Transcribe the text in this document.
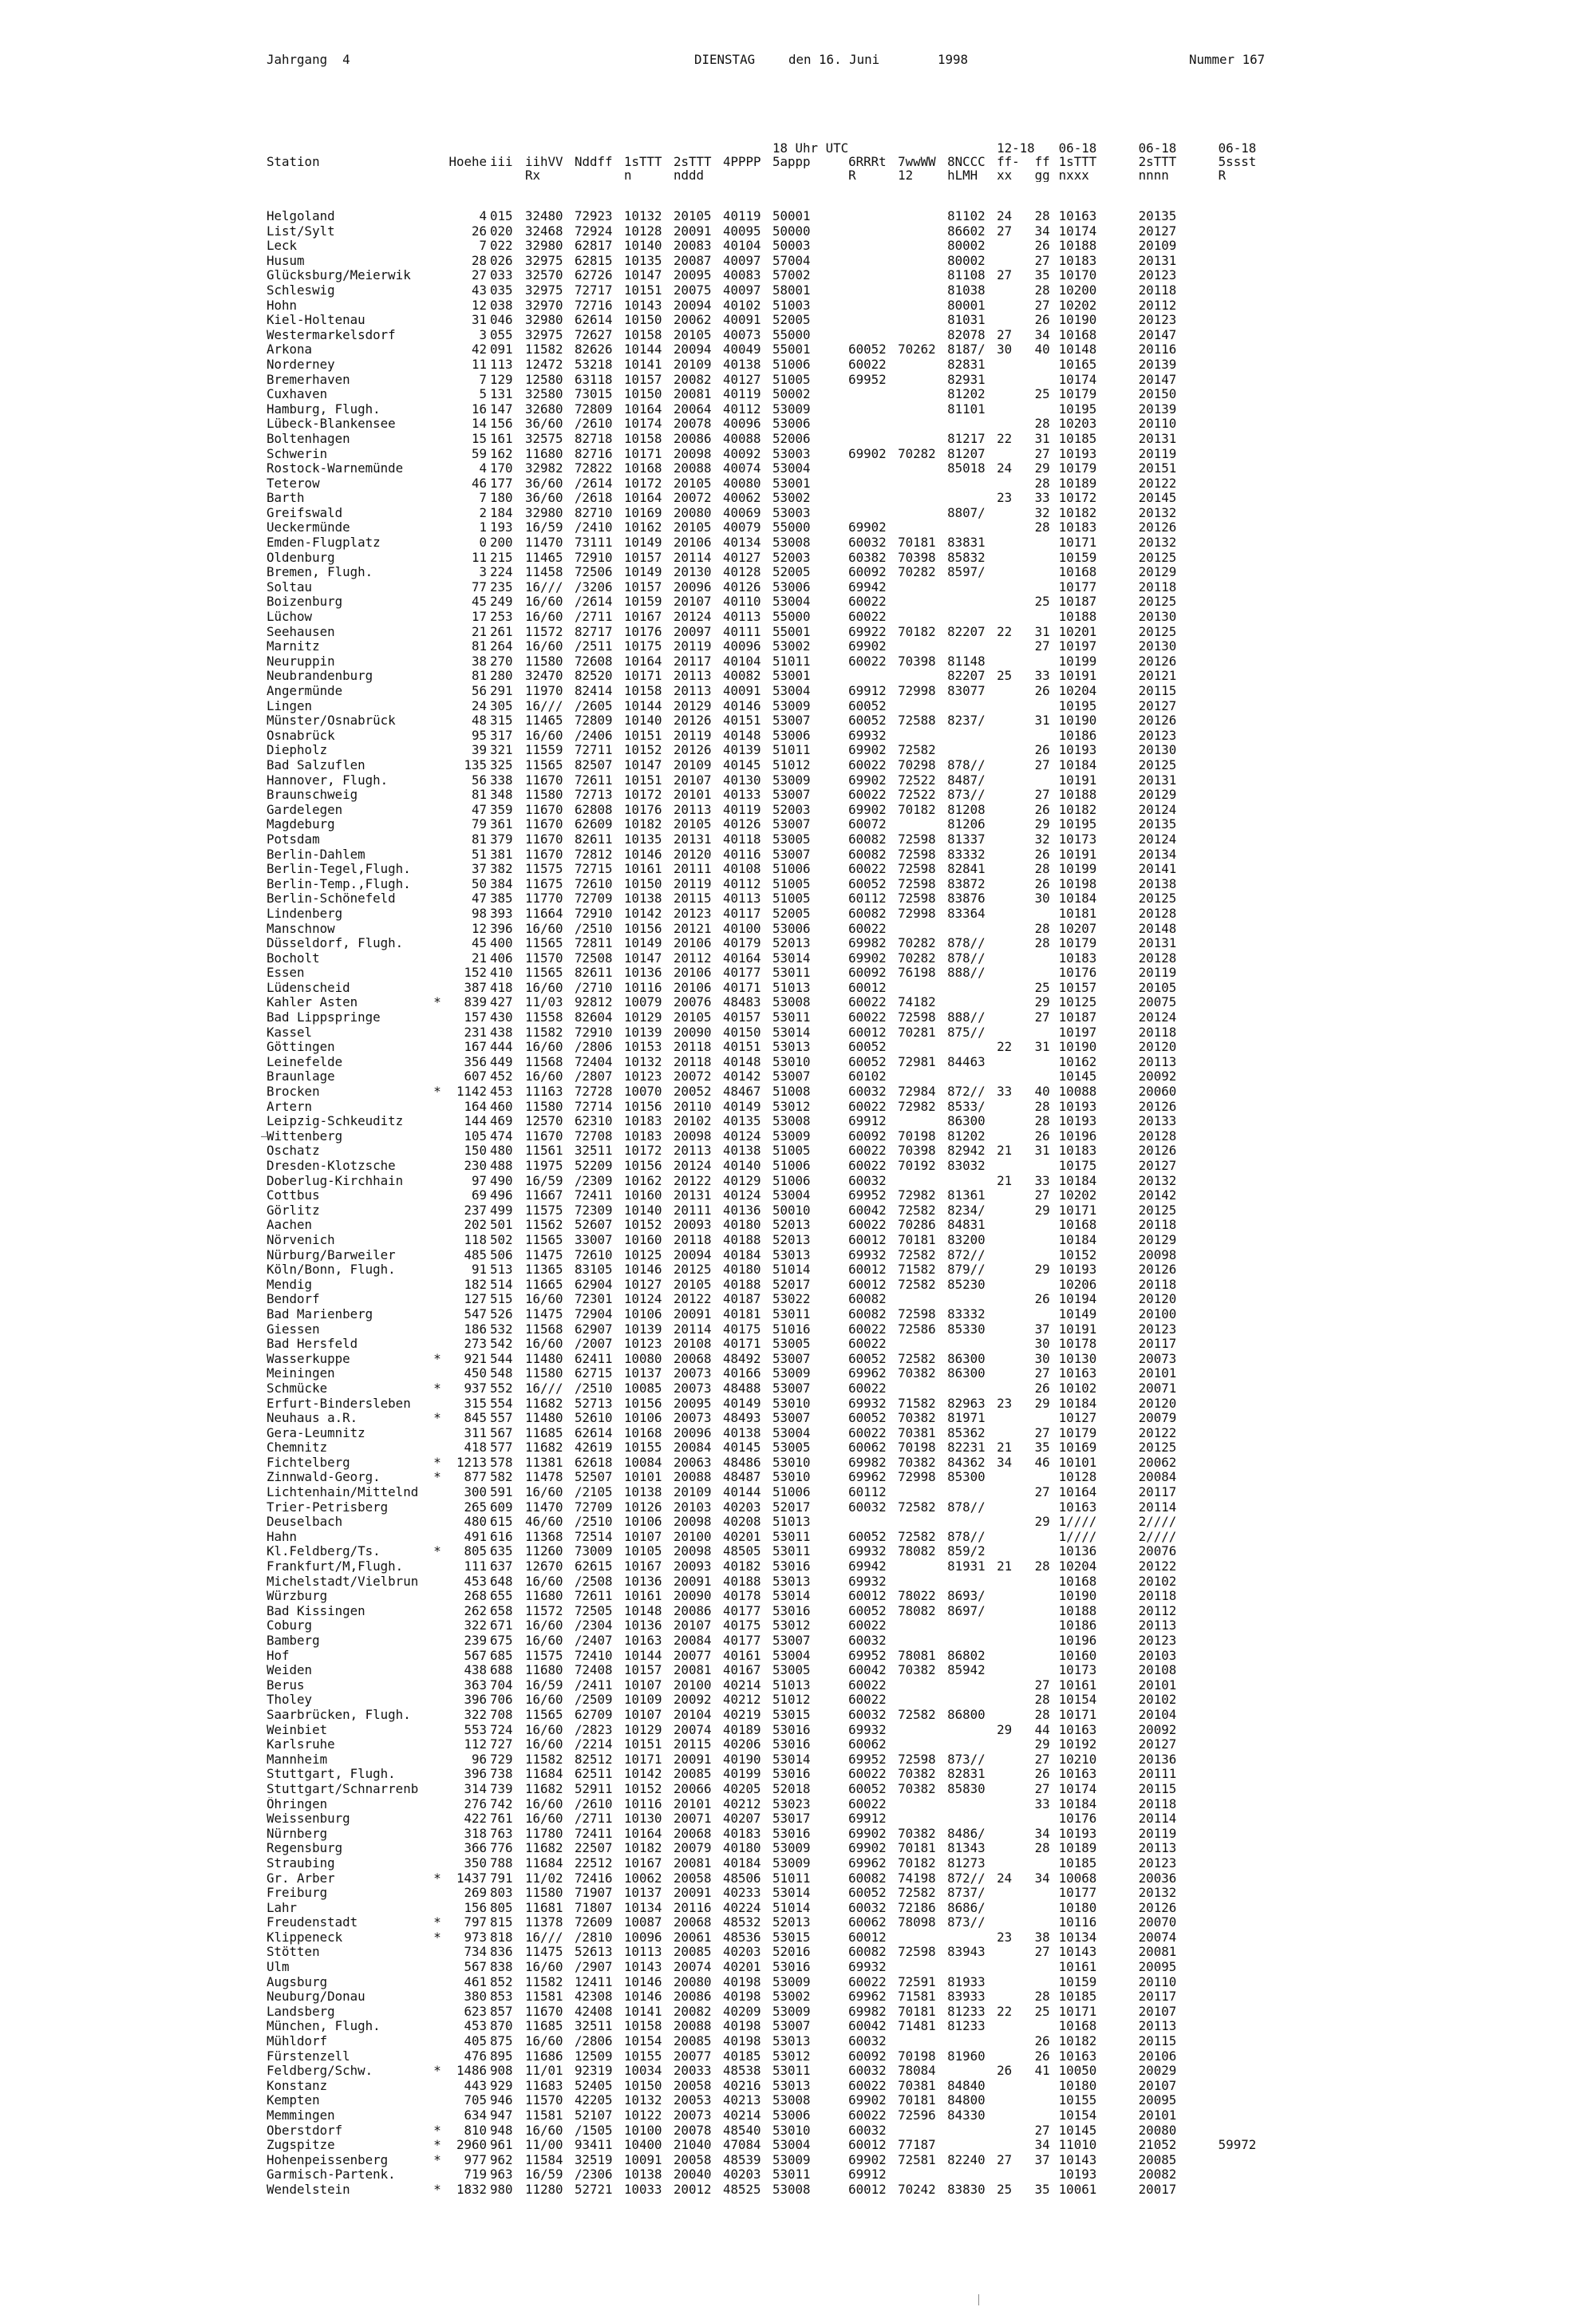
Jahrgang  4	DIENSTAG	den 16. Juni	1998	Nummer 167
									18 Uhr UTC				12-18		06-18	06-18	06-18
Station		Hoehe	iii	iihVV	Nddff	1sTTT	2sTTT	4PPPP	5appp	6RRRt	7wwWW	8NCCC	ff-	ff	1sTTT	2sTTT	5ssst
				Rx		n	nddd			R	12	hLMH	xx	gg	nxxx	nnnn	R

Helgoland		4	015	32480	72923	10132	20105	40119	50001			81102	24	28	10163	20135	
List/Sylt		26	020	32468	72924	10128	20091	40095	50000			86602	27	34	10174	20127	
Leck		7	022	32980	62817	10140	20083	40104	50003			80002		26	10188	20109	
Husum		28	026	32975	62815	10135	20087	40097	57004			80002		27	10183	20131	
Glücksburg/Meierwik		27	033	32570	62726	10147	20095	40083	57002			81108	27	35	10170	20123	
Schleswig		43	035	32975	72717	10151	20075	40097	58001			81038		28	10200	20118	
Hohn		12	038	32970	72716	10143	20094	40102	51003			80001		27	10202	20112	
Kiel-Holtenau		31	046	32980	62614	10150	20062	40091	52005			81031		26	10190	20123	
Westermarkelsdorf		3	055	32975	72627	10158	20105	40073	55000			82078	27	34	10168	20147	
Arkona		42	091	11582	82626	10144	20094	40049	55001	60052	70262	8187/	30	40	10148	20116	
Norderney		11	113	12472	53218	10141	20109	40138	51006	60022		82831			10165	20139	
Bremerhaven		7	129	12580	63118	10157	20082	40127	51005	69952		82931			10174	20147	
Cuxhaven		5	131	32580	73015	10150	20081	40119	50002			81202		25	10179	20150	
Hamburg, Flugh.		16	147	32680	72809	10164	20064	40112	53009			81101			10195	20139	
Lübeck-Blankensee		14	156	36/60	/2610	10174	20078	40096	53006					28	10203	20110	
Boltenhagen		15	161	32575	82718	10158	20086	40088	52006			81217	22	31	10185	20131	
Schwerin		59	162	11680	82716	10171	20098	40092	53003	69902	70282	81207		27	10193	20119	
Rostock-Warnemünde		4	170	32982	72822	10168	20088	40074	53004			85018	24	29	10179	20151	
Teterow		46	177	36/60	/2614	10172	20105	40080	53001					28	10189	20122	
Barth		7	180	36/60	/2618	10164	20072	40062	53002				23	33	10172	20145	
Greifswald		2	184	32980	82710	10169	20080	40069	53003			8807/		32	10182	20132	
Ueckermünde		1	193	16/59	/2410	10162	20105	40079	55000	69902				28	10183	20126	
Emden-Flugplatz		0	200	11470	73111	10149	20106	40134	53008	60032	70181	83831			10171	20132	
Oldenburg		11	215	11465	72910	10157	20114	40127	52003	60382	70398	85832			10159	20125	
Bremen, Flugh.		3	224	11458	72506	10149	20130	40128	52005	60092	70282	8597/			10168	20129	
Soltau		77	235	16///	/3206	10157	20096	40126	53006	69942					10177	20118	
Boizenburg		45	249	16/60	/2614	10159	20107	40110	53004	60022				25	10187	20125	
Lüchow		17	253	16/60	/2711	10167	20124	40113	55000	60022					10188	20130	
Seehausen		21	261	11572	82717	10176	20097	40111	55001	69922	70182	82207	22	31	10201	20125	
Marnitz		81	264	16/60	/2511	10175	20119	40096	53002	69902				27	10197	20130	
Neuruppin		38	270	11580	72608	10164	20117	40104	51011	60022	70398	81148			10199	20126	
Neubrandenburg		81	280	32470	82520	10171	20113	40082	53001			82207	25	33	10191	20121	
Angermünde		56	291	11970	82414	10158	20113	40091	53004	69912	72998	83077		26	10204	20115	
Lingen		24	305	16///	/2605	10144	20129	40146	53009	60052					10195	20127	
Münster/Osnabrück		48	315	11465	72809	10140	20126	40151	53007	60052	72588	8237/		31	10190	20126	
Osnabrück		95	317	16/60	/2406	10151	20119	40148	53006	69932					10186	20123	
Diepholz		39	321	11559	72711	10152	20126	40139	51011	69902	72582			26	10193	20130	
Bad Salzuflen		135	325	11565	82507	10147	20109	40145	51012	60022	70298	878//		27	10184	20125	
Hannover, Flugh.		56	338	11670	72611	10151	20107	40130	53009	69902	72522	8487/			10191	20131	
Braunschweig		81	348	11580	72713	10172	20101	40133	53007	60022	72522	873//		27	10188	20129	
Gardelegen		47	359	11670	62808	10176	20113	40119	52003	69902	70182	81208		26	10182	20124	
Magdeburg		79	361	11670	62609	10182	20105	40126	53007	60072		81206		29	10195	20135	
Potsdam		81	379	11670	82611	10135	20131	40118	53005	60082	72598	81337		32	10173	20124	
Berlin-Dahlem		51	381	11670	72812	10146	20120	40116	53007	60082	72598	83332		26	10191	20134	
Berlin-Tegel,Flugh.		37	382	11575	72715	10161	20111	40108	51006	60022	72598	82841		28	10199	20141	
Berlin-Temp.,Flugh.		50	384	11675	72610	10150	20119	40112	51005	60052	72598	83872		26	10198	20138	
Berlin-Schönefeld		47	385	11770	72709	10138	20115	40113	51005	60112	72598	83876		30	10184	20125	
Lindenberg		98	393	11664	72910	10142	20123	40117	52005	60082	72998	83364			10181	20128	
Manschnow		12	396	16/60	/2510	10156	20121	40100	53006	60022				28	10207	20148	
Düsseldorf, Flugh.		45	400	11565	72811	10149	20106	40179	52013	69982	70282	878//		28	10179	20131	
Bocholt		21	406	11570	72508	10147	20112	40164	53014	69902	70282	878//			10183	20128	
Essen		152	410	11565	82611	10136	20106	40177	53011	60092	76198	888//			10176	20119	
Lüdenscheid		387	418	16/60	/2710	10116	20106	40171	51013	60012				25	10157	20105	
Kahler Asten	*	839	427	11/03	92812	10079	20076	48483	53008	60022	74182			29	10125	20075	
Bad Lippspringe		157	430	11558	82604	10129	20105	40157	53011	60022	72598	888//		27	10187	20124	
Kassel		231	438	11582	72910	10139	20090	40150	53014	60012	70281	875//			10197	20118	
Göttingen		167	444	16/60	/2806	10153	20118	40151	53013	60052			22	31	10190	20120	
Leinefelde		356	449	11568	72404	10132	20118	40148	53010	60052	72981	84463			10162	20113	
Braunlage		607	452	16/60	/2807	10123	20072	40142	53007	60102					10145	20092	
Brocken	*	1142	453	11163	72728	10070	20052	48467	51008	60032	72984	872//	33	40	10088	20060	
Artern		164	460	11580	72714	10156	20110	40149	53012	60022	72982	8533/		28	10193	20126	
Leipzig-Schkeuditz		144	469	12570	62310	10183	20102	40135	53008	69912		86300		28	10193	20133	
Wittenberg		105	474	11670	72708	10183	20098	40124	53009	60092	70198	81202		26	10196	20128	
Oschatz		150	480	11561	32511	10172	20113	40138	51005	60022	70398	82942	21	31	10183	20126	
Dresden-Klotzsche		230	488	11975	52209	10156	20124	40140	51006	60022	70192	83032			10175	20127	
Doberlug-Kirchhain		97	490	16/59	/2309	10162	20122	40129	51006	60032			21	33	10184	20132	
Cottbus		69	496	11667	72411	10160	20131	40124	53004	69952	72982	81361		27	10202	20142	
Görlitz		237	499	11575	72309	10140	20111	40136	50010	60042	72582	8234/		29	10171	20125	
Aachen		202	501	11562	52607	10152	20093	40180	52013	60022	70286	84831			10168	20118	
Nörvenich		118	502	11565	33007	10160	20118	40188	52013	60012	70181	83200			10184	20129	
Nürburg/Barweiler		485	506	11475	72610	10125	20094	40184	53013	69932	72582	872//			10152	20098	
Köln/Bonn, Flugh.		91	513	11365	83105	10146	20125	40180	51014	60012	71582	879//		29	10193	20126	
Mendig		182	514	11665	62904	10127	20105	40188	52017	60012	72582	85230			10206	20118	
Bendorf		127	515	16/60	72301	10124	20122	40187	53022	60082				26	10194	20120	
Bad Marienberg		547	526	11475	72904	10106	20091	40181	53011	60082	72598	83332			10149	20100	
Giessen		186	532	11568	62907	10139	20114	40175	51016	60022	72586	85330		37	10191	20123	
Bad Hersfeld		273	542	16/60	/2007	10123	20108	40171	53005	60022				30	10178	20117	
Wasserkuppe	*	921	544	11480	62411	10080	20068	48492	53007	60052	72582	86300		30	10130	20073	
Meiningen		450	548	11580	62715	10137	20073	40166	53009	69962	70382	86300		27	10163	20101	
Schmücke	*	937	552	16///	/2510	10085	20073	48488	53007	60022				26	10102	20071	
Erfurt-Bindersleben		315	554	11682	52713	10156	20095	40149	53010	69932	71582	82963	23	29	10184	20120	
Neuhaus a.R.	*	845	557	11480	52610	10106	20073	48493	53007	60052	70382	81971			10127	20079	
Gera-Leumnitz		311	567	11685	62614	10168	20096	40138	53004	60022	70381	85362		27	10179	20122	
Chemnitz		418	577	11682	42619	10155	20084	40145	53005	60062	70198	82231	21	35	10169	20125	
Fichtelberg	*	1213	578	11381	62618	10084	20063	48486	53010	69982	70382	84362	34	46	10101	20062	
Zinnwald-Georg.	*	877	582	11478	52507	10101	20088	48487	53010	69962	72998	85300			10128	20084	
Lichtenhain/Mittelnd		300	591	16/60	/2105	10138	20109	40144	51006	60112				27	10164	20117	
Trier-Petrisberg		265	609	11470	72709	10126	20103	40203	52017	60032	72582	878//			10163	20114	
Deuselbach		480	615	46/60	/2510	10106	20098	40208	51013					29	1////	2////	
Hahn		491	616	11368	72514	10107	20100	40201	53011	60052	72582	878//			1////	2////	
Kl.Feldberg/Ts.	*	805	635	11260	73009	10105	20098	48505	53011	69932	78082	859/2			10136	20076	
Frankfurt/M,Flugh.		111	637	12670	62615	10167	20093	40182	53016	69942		81931	21	28	10204	20122	
Michelstadt/Vielbrun		453	648	16/60	/2508	10136	20091	40188	53013	69932					10168	20102	
Würzburg		268	655	11680	72611	10161	20090	40178	53014	60012	78022	8693/			10190	20118	
Bad Kissingen		262	658	11572	72505	10148	20086	40177	53016	60052	78082	8697/			10188	20112	
Coburg		322	671	16/60	/2304	10136	20107	40175	53012	60022					10186	20113	
Bamberg		239	675	16/60	/2407	10163	20084	40177	53007	60032					10196	20123	
Hof		567	685	11575	72410	10144	20077	40161	53004	69952	78081	86802			10160	20103	
Weiden		438	688	11680	72408	10157	20081	40167	53005	60042	70382	85942			10173	20108	
Berus		363	704	16/59	/2411	10107	20100	40214	51013	60022				27	10161	20101	
Tholey		396	706	16/60	/2509	10109	20092	40212	51012	60022				28	10154	20102	
Saarbrücken, Flugh.		322	708	11565	62709	10107	20104	40219	53015	60032	72582	86800		28	10171	20104	
Weinbiet		553	724	16/60	/2823	10129	20074	40189	53016	69932			29	44	10163	20092	
Karlsruhe		112	727	16/60	/2214	10151	20115	40206	53016	60062				29	10192	20127	
Mannheim		96	729	11582	82512	10171	20091	40190	53014	69952	72598	873//		27	10210	20136	
Stuttgart, Flugh.		396	738	11684	62511	10142	20085	40199	53016	60022	70382	82831		26	10163	20111	
Stuttgart/Schnarrenb		314	739	11682	52911	10152	20066	40205	52018	60052	70382	85830		27	10174	20115	
Öhringen		276	742	16/60	/2610	10116	20101	40212	53023	60022				33	10184	20118	
Weissenburg		422	761	16/60	/2711	10130	20071	40207	53017	69912					10176	20114	
Nürnberg		318	763	11780	72411	10164	20068	40183	53016	69902	70382	8486/		34	10193	20119	
Regensburg		366	776	11682	22507	10182	20079	40180	53009	69902	70181	81343		28	10189	20113	
Straubing		350	788	11684	22512	10167	20081	40184	53009	69962	70182	81273			10185	20123	
Gr. Arber	*	1437	791	11/02	72416	10062	20058	48506	51011	60082	74198	872//	24	34	10068	20036	
Freiburg		269	803	11580	71907	10137	20091	40233	53014	60052	72582	8737/			10177	20132	
Lahr		156	805	11681	71807	10134	20116	40224	51014	60032	72186	8686/			10180	20126	
Freudenstadt	*	797	815	11378	72609	10087	20068	48532	52013	60062	78098	873//			10116	20070	
Klippeneck	*	973	818	16///	/2810	10096	20061	48536	53015	60012			23	38	10134	20074	
Stötten		734	836	11475	52613	10113	20085	40203	52016	60082	72598	83943		27	10143	20081	
Ulm		567	838	16/60	/2907	10143	20074	40201	53016	69932					10161	20095	
Augsburg		461	852	11582	12411	10146	20080	40198	53009	60022	72591	81933			10159	20110	
Neuburg/Donau		380	853	11581	42308	10146	20086	40198	53002	69962	71581	83933		28	10185	20117	
Landsberg		623	857	11670	42408	10141	20082	40209	53009	69982	70181	81233	22	25	10171	20107	
München, Flugh.		453	870	11685	32511	10158	20088	40198	53007	60042	71481	81233			10168	20113	
Mühldorf		405	875	16/60	/2806	10154	20085	40198	53013	60032				26	10182	20115	
Fürstenzell		476	895	11686	12509	10155	20077	40185	53012	60092	70198	81960		26	10163	20106	
Feldberg/Schw.	*	1486	908	11/01	92319	10034	20033	48538	53011	60032	78084		26	41	10050	20029	
Konstanz		443	929	11683	52405	10150	20058	40216	53013	60022	70381	84840			10180	20107	
Kempten		705	946	11570	42205	10132	20053	40213	53008	69902	70181	84800			10155	20095	
Memmingen		634	947	11581	52107	10122	20073	40214	53006	60022	72596	84330			10154	20101	
Oberstdorf	*	810	948	16/60	/1505	10100	20078	48540	53010	60032				27	10145	20080	
Zugspitze	*	2960	961	11/00	93411	10400	21040	47084	53004	60012	77187			34	11010	21052	59972
Hohenpeissenberg	*	977	962	11584	32519	10091	20058	48539	53009	69902	72581	82240	27	37	10143	20085	
Garmisch-Partenk.		719	963	16/59	/2306	10138	20040	40203	53011	69912					10193	20082	
Wendelstein	*	1832	980	11280	52721	10033	20012	48525	53008	60012	70242	83830	25	35	10061	20017	
